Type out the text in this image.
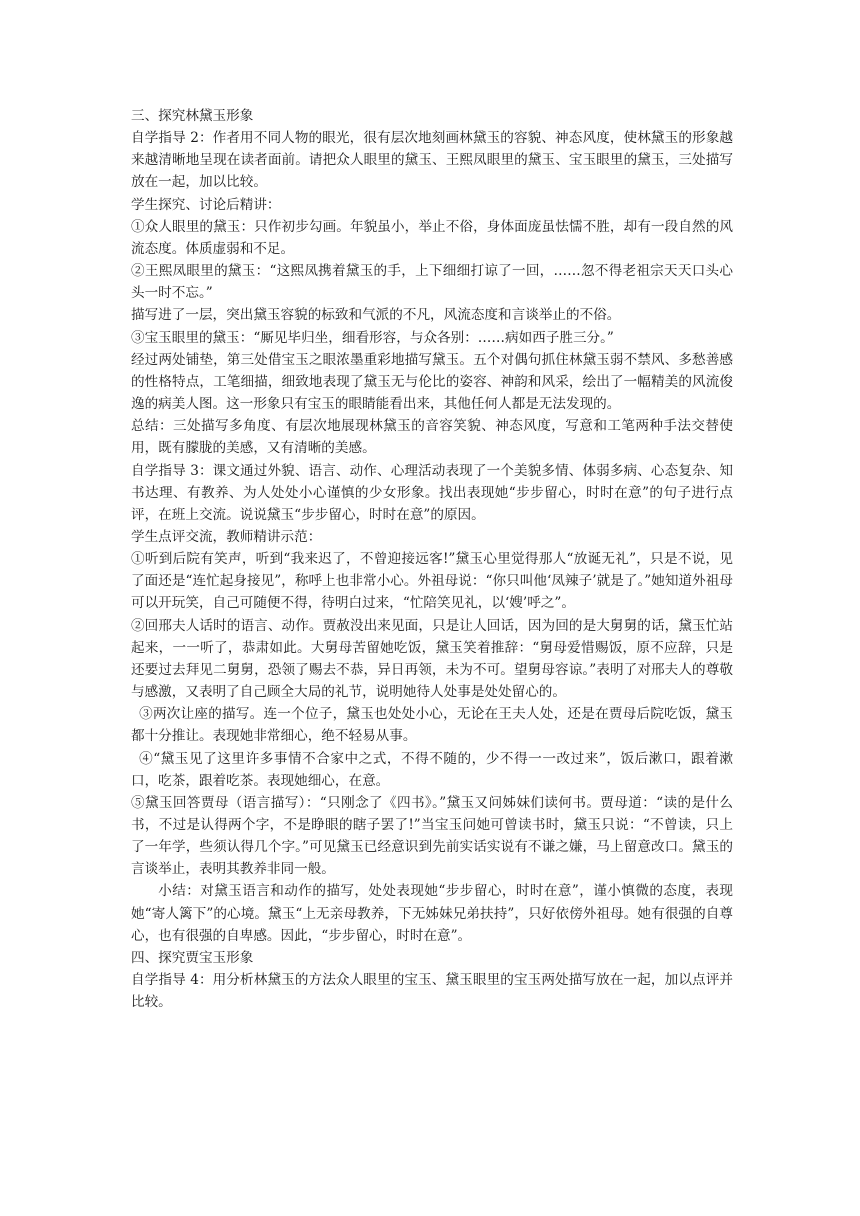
三、探究林黛玉形象

自学指导 2：作者用不同人物的眼光，很有层次地刻画林黛玉的容貌、神态风度，使林黛玉的形象越来越清晰地呈现在读者面前。请把众人眼里的黛玉、王熙凤眼里的黛玉、宝玉眼里的黛玉，三处描写放在一起，加以比较。

学生探究、讨论后精讲：

①众人眼里的黛玉：只作初步勾画。年貌虽小，举止不俗，身体面庞虽怯懦不胜，却有一段自然的风流态度。体质虚弱和不足。

②王熙凤眼里的黛玉：“这熙凤携着黛玉的手，上下细细打谅了一回，……忽不得老祖宗天天口头心头一时不忘。”

描写进了一层，突出黛玉容貌的标致和气派的不凡，风流态度和言谈举止的不俗。

③宝玉眼里的黛玉：“厮见毕归坐，细看形容，与众各别：……病如西子胜三分。”

经过两处铺垫，第三处借宝玉之眼浓墨重彩地描写黛玉。五个对偶句抓住林黛玉弱不禁风、多愁善感的性格特点，工笔细描，细致地表现了黛玉无与伦比的姿容、神韵和风采，绘出了一幅精美的风流俊逸的病美人图。这一形象只有宝玉的眼睛能看出来，其他任何人都是无法发现的。

总结：三处描写多角度、有层次地展现林黛玉的音容笑貌、神态风度，写意和工笔两种手法交替使用，既有朦胧的美感，又有清晰的美感。

自学指导 3：课文通过外貌、语言、动作、心理活动表现了一个美貌多情、体弱多病、心态复杂、知书达理、有教养、为人处处小心谨慎的少女形象。找出表现她“步步留心，时时在意”的句子进行点评，在班上交流。说说黛玉“步步留心，时时在意”的原因。

学生点评交流，教师精讲示范：

①听到后院有笑声，听到“我来迟了，不曾迎接远客!”黛玉心里觉得那人“放诞无礼”，只是不说，见了面还是“连忙起身接见”，称呼上也非常小心。外祖母说：“你只叫他‘凤辣子’就是了。”她知道外祖母可以开玩笑，自己可随便不得，待明白过来，“忙陪笑见礼，以‘嫂’呼之”。

②回邢夫人话时的语言、动作。贾赦没出来见面，只是让人回话，因为回的是大舅舅的话，黛玉忙站起来，一一听了，恭肃如此。大舅母苦留她吃饭，黛玉笑着推辞：“舅母爱惜赐饭，原不应辞，只是还要过去拜见二舅舅，恐领了赐去不恭，异日再领，未为不可。望舅母容谅。”表明了对邢夫人的尊敬与感激，又表明了自己顾全大局的礼节，说明她待人处事是处处留心的。

③两次让座的描写。连一个位子，黛玉也处处小心，无论在王夫人处，还是在贾母后院吃饭，黛玉都十分推让。表现她非常细心，绝不轻易从事。

④“黛玉见了这里许多事情不合家中之式，不得不随的，少不得一一改过来”，饭后漱口，跟着漱口，吃茶，跟着吃茶。表现她细心，在意。

⑤黛玉回答贾母（语言描写）：“只刚念了《四书》。”黛玉又问姊妹们读何书。贾母道：“读的是什么书，不过是认得两个字，不是睁眼的瞎子罢了!”当宝玉问她可曾读书时，黛玉只说：“不曾读，只上了一年学，些须认得几个字。”可见黛玉已经意识到先前实话实说有不谦之嫌，马上留意改口。黛玉的言谈举止，表明其教养非同一般。

小结：对黛玉语言和动作的描写，处处表现她“步步留心，时时在意”，谨小慎微的态度，表现她“寄人篱下”的心境。黛玉“上无亲母教养，下无姊妹兄弟扶持”，只好依傍外祖母。她有很强的自尊心，也有很强的自卑感。因此，“步步留心，时时在意”。

四、探究贾宝玉形象

自学指导 4：用分析林黛玉的方法众人眼里的宝玉、黛玉眼里的宝玉两处描写放在一起，加以点评并比较。
